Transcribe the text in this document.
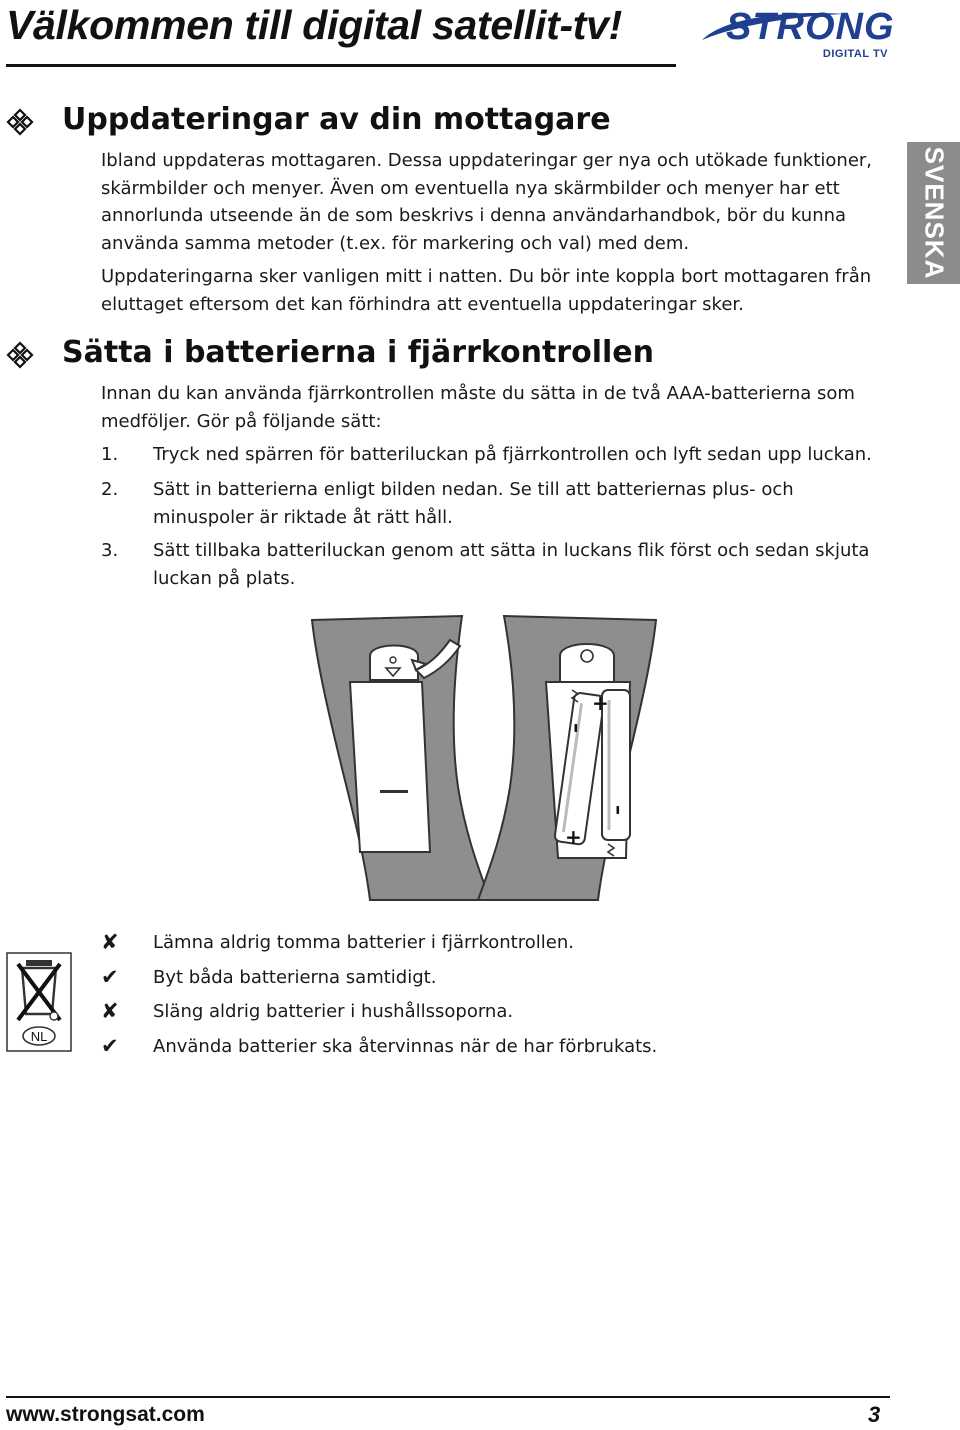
Välkommen till digital satellit-tv!	STRONG
DIGITAL TV
SVENSKA
Uppdateringar av din mottagare

Ibland uppdateras mottagaren. Dessa uppdateringar ger nya och utökade funktioner, skärmbilder och menyer. Även om eventuella nya skärmbilder och menyer har ett annorlunda utseende än de som beskrivs i denna användarhandbok, bör du kunna använda samma metoder (t.ex. för markering och val) med dem.

Uppdateringarna sker vanligen mitt i natten. Du bör inte koppla bort mottagaren från eluttaget eftersom det kan förhindra att eventuella uppdateringar sker.

Sätta i batterierna i fjärrkontrollen

Innan du kan använda fjärrkontrollen måste du sätta in de två AAA-batterierna som medföljer. Gör på följande sätt:

1. Tryck ned spärren för batteriluckan på fjärrkontrollen och lyft sedan upp luckan.
2. Sätt in batterierna enligt bilden nedan. Se till att batteriernas plus- och minuspoler är riktade åt rätt håll.
3. Sätt tillbaka batteriluckan genom att sätta in luckans flik först och sedan skjuta luckan på plats.
+
+
–
–
NL
✘ Lämna aldrig tomma batterier i fjärrkontrollen.
✔ Byt båda batterierna samtidigt.
✘ Släng aldrig batterier i hushållssoporna.
✔ Använda batterier ska återvinnas när de har förbrukats.
www.strongsat.com	3
